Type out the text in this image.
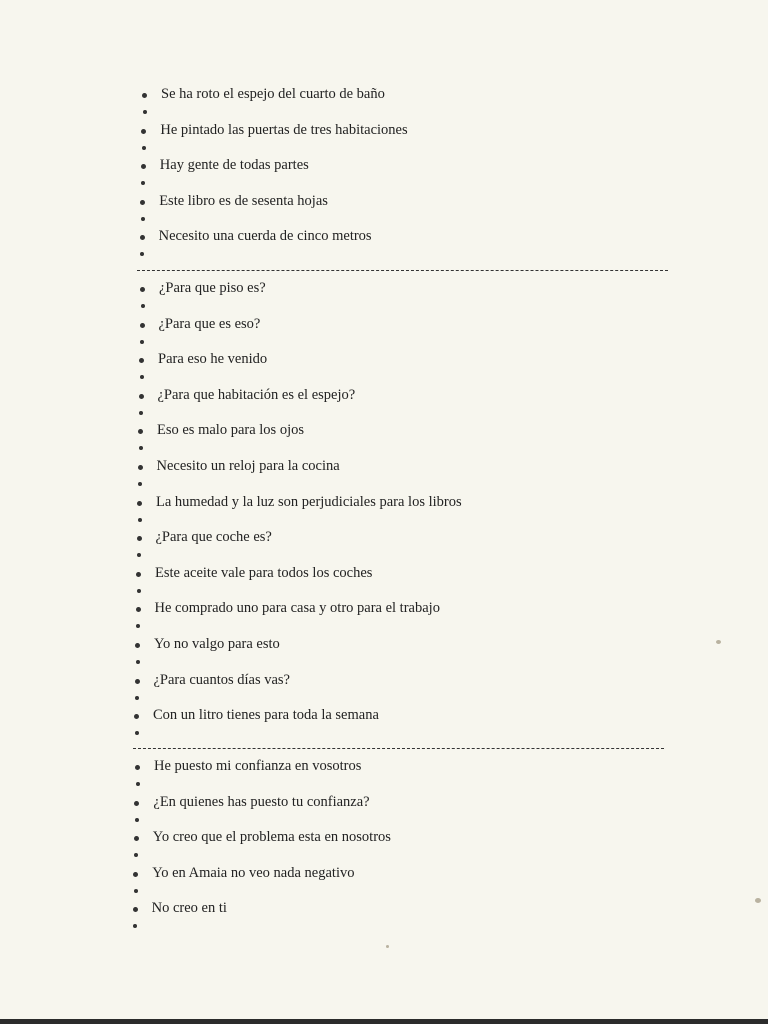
Se ha roto el espejo del cuarto de baño
He pintado las puertas de tres habitaciones
Hay gente de todas partes
Este libro es de sesenta hojas
Necesito una cuerda de cinco metros
¿Para que piso es?
¿Para que es eso?
Para eso he venido
¿Para que habitación es el espejo?
Eso es malo para los ojos
Necesito un reloj para la cocina
La humedad y la luz son perjudiciales para los libros
¿Para que coche es?
Este aceite vale para todos los coches
He comprado uno para casa y otro para el trabajo
Yo no valgo para esto
¿Para cuantos días vas?
Con un litro tienes para toda la semana
He puesto mi confianza en vosotros
¿En quienes has puesto tu confianza?
Yo creo que el problema esta en nosotros
Yo en Amaia no veo nada negativo
No creo en ti
